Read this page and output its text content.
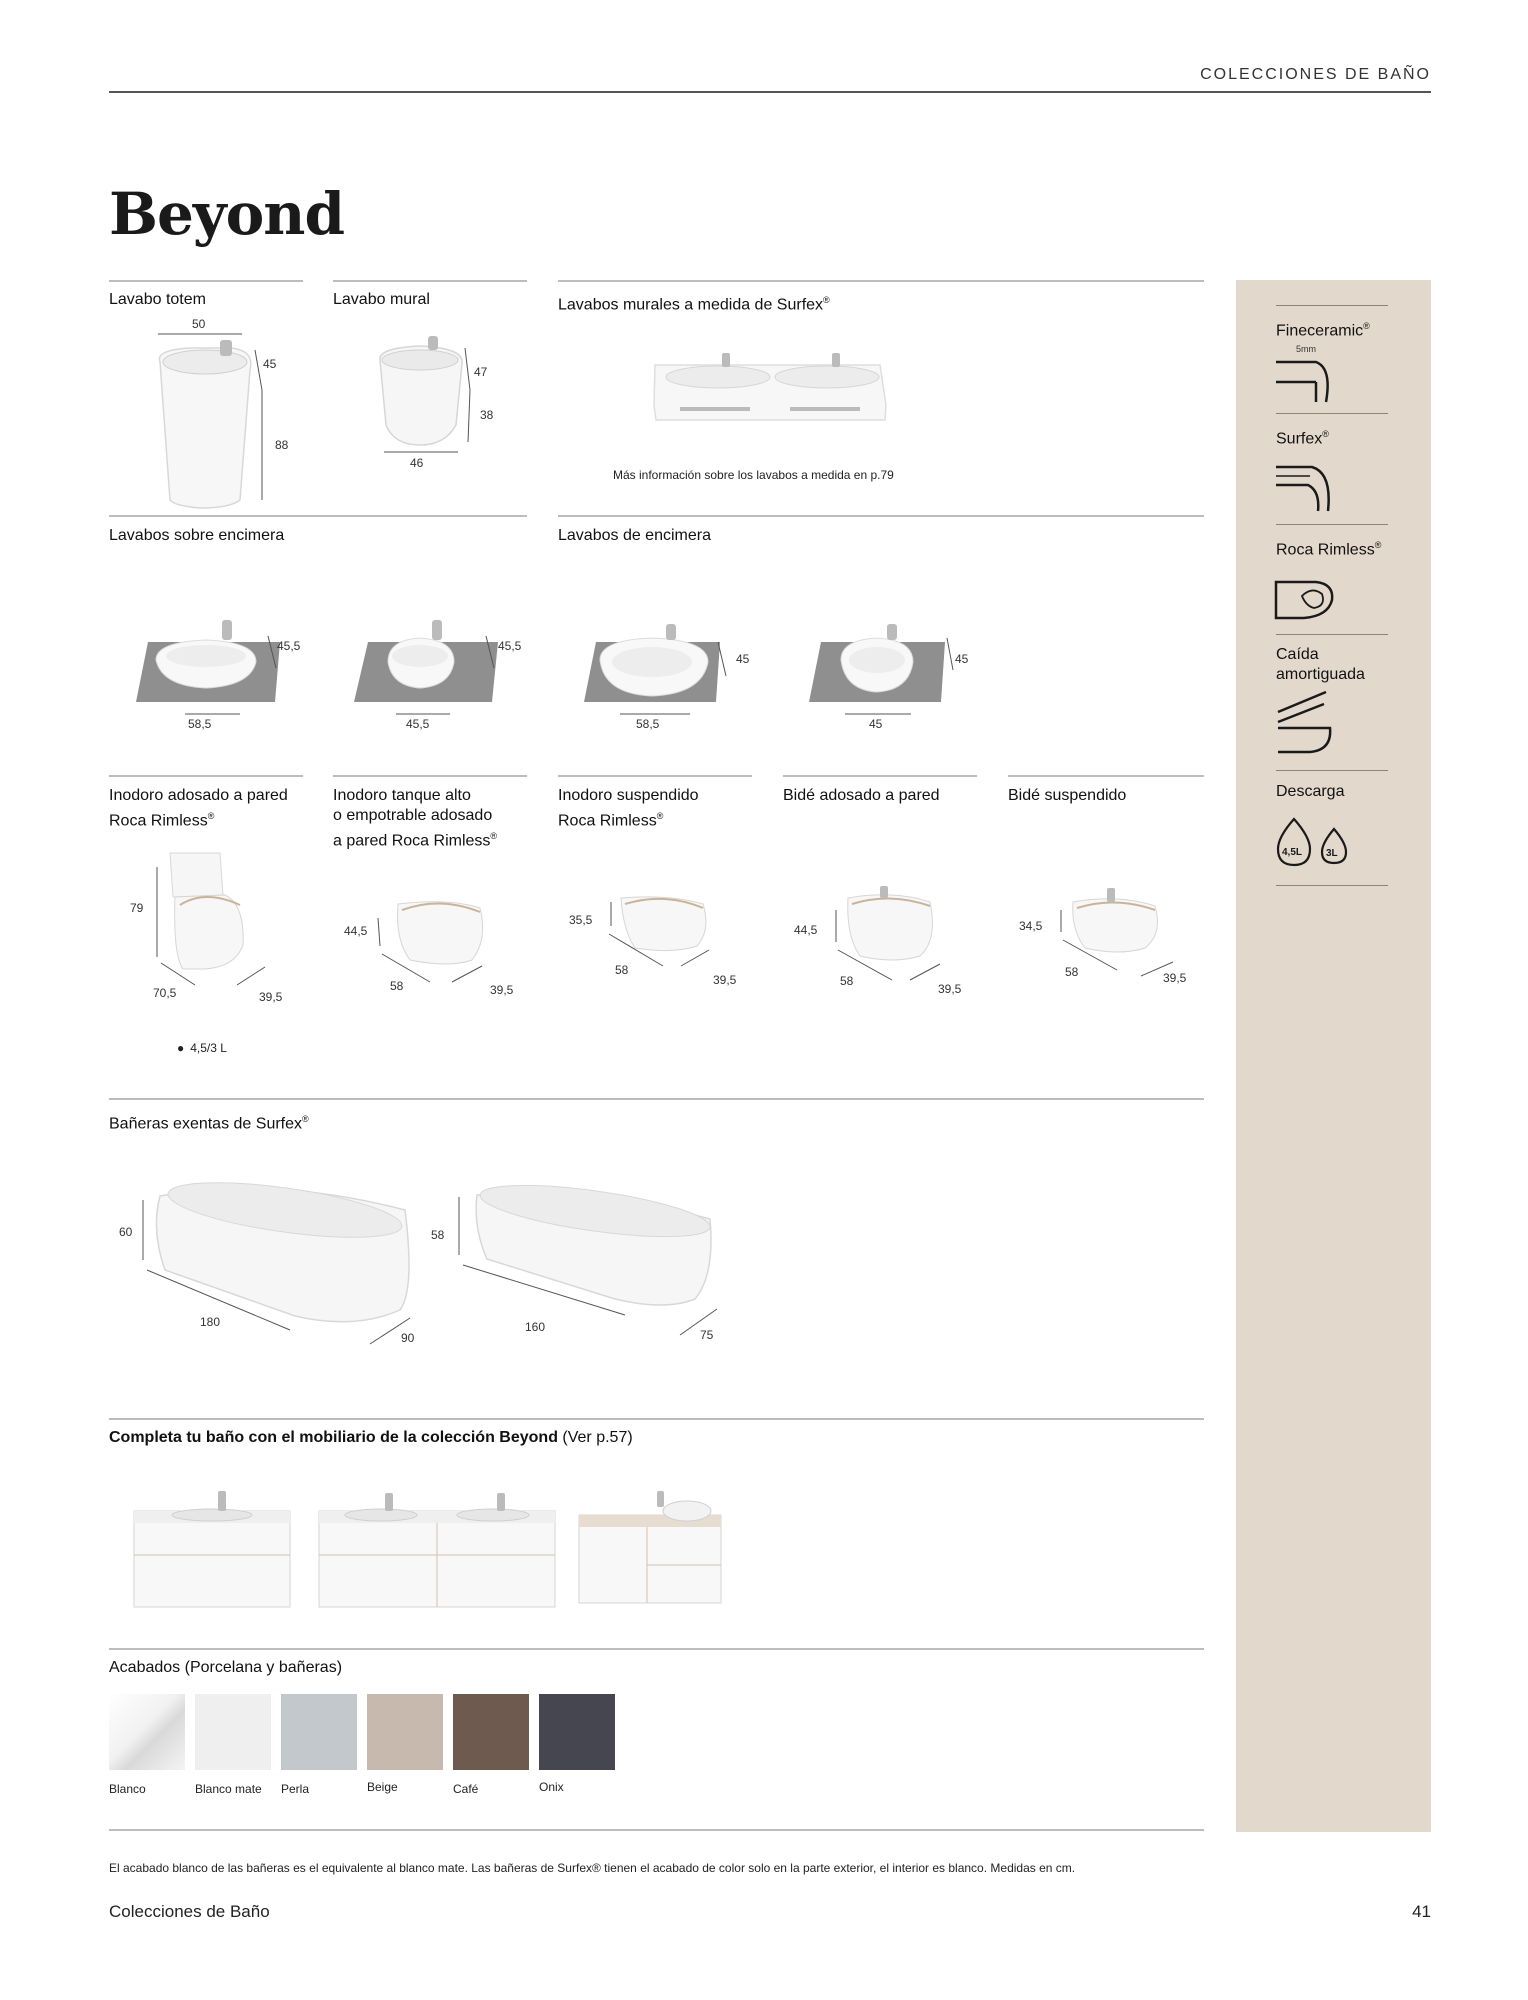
COLECCIONES DE BAÑO
Beyond
Lavabo totem
50
45
88
Lavabo mural
47
38
46
Lavabos murales a medida de Surfex®
Más información sobre los lavabos a medida en p.79
Lavabos sobre encimera	Lavabos de encimera
45,5
58,5
45,5
45,5
45
58,5
45
45
Inodoro adosado a pared
Roca Rimless®
79
70,5	39,5
● 4,5/3 L
Inodoro tanque alto
o empotrable adosado
a pared Roca Rimless®
44,5
58	39,5
Inodoro suspendido
Roca Rimless®
35,5
58
39,5
Bidé adosado a pared
44,5
58
39,5
Bidé suspendido
34,5
58	39,5
Bañeras exentas de Surfex®
60
180
90
58
160
75
Completa tu baño con el mobiliario de la colección Beyond (Ver p.57)
Acabados (Porcelana y bañeras)
Blanco	Blanco mate Perla	Beige	Café	Onix
Fineceramic®
5mm
Surfex®
Roca Rimless®
Caída
amortiguada
Descarga
4,5L 3L
El acabado blanco de las bañeras es el equivalente al blanco mate. Las bañeras de Surfex® tienen el acabado de color solo en la parte exterior, el interior es blanco. Medidas en cm.
Colecciones de Baño	41
